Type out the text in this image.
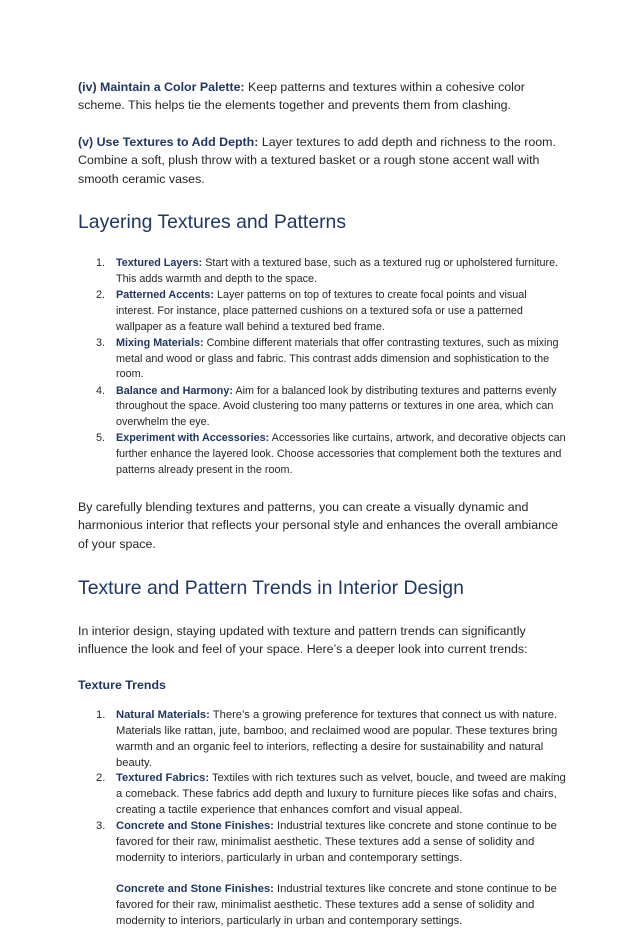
(iv) Maintain a Color Palette: Keep patterns and textures within a cohesive color scheme. This helps tie the elements together and prevents them from clashing.

(v) Use Textures to Add Depth: Layer textures to add depth and richness to the room. Combine a soft, plush throw with a textured basket or a rough stone accent wall with smooth ceramic vases.

Layering Textures and Patterns
1. Textured Layers: Start with a textured base, such as a textured rug or upholstered furniture. This adds warmth and depth to the space.
2. Patterned Accents: Layer patterns on top of textures to create focal points and visual interest. For instance, place patterned cushions on a textured sofa or use a patterned wallpaper as a feature wall behind a textured bed frame.
3. Mixing Materials: Combine different materials that offer contrasting textures, such as mixing metal and wood or glass and fabric. This contrast adds dimension and sophistication to the room.
4. Balance and Harmony: Aim for a balanced look by distributing textures and patterns evenly throughout the space. Avoid clustering too many patterns or textures in one area, which can overwhelm the eye.
5. Experiment with Accessories: Accessories like curtains, artwork, and decorative objects can further enhance the layered look. Choose accessories that complement both the textures and patterns already present in the room.

By carefully blending textures and patterns, you can create a visually dynamic and harmonious interior that reflects your personal style and enhances the overall ambiance of your space.

Texture and Pattern Trends in Interior Design

In interior design, staying updated with texture and pattern trends can significantly influence the look and feel of your space. Here’s a deeper look into current trends:

Texture Trends

1. Natural Materials: There’s a growing preference for textures that connect us with nature. Materials like rattan, jute, bamboo, and reclaimed wood are popular. These textures bring warmth and an organic feel to interiors, reflecting a desire for sustainability and natural beauty.
2. Textured Fabrics: Textiles with rich textures such as velvet, boucle, and tweed are making a comeback. These fabrics add depth and luxury to furniture pieces like sofas and chairs, creating a tactile experience that enhances comfort and visual appeal.
3. Concrete and Stone Finishes: Industrial textures like concrete and stone continue to be favored for their raw, minimalist aesthetic. These textures add a sense of solidity and modernity to interiors, particularly in urban and contemporary settings.

Concrete and Stone Finishes: Industrial textures like concrete and stone continue to be favored for their raw, minimalist aesthetic. These textures add a sense of solidity and modernity to interiors, particularly in urban and contemporary settings.
